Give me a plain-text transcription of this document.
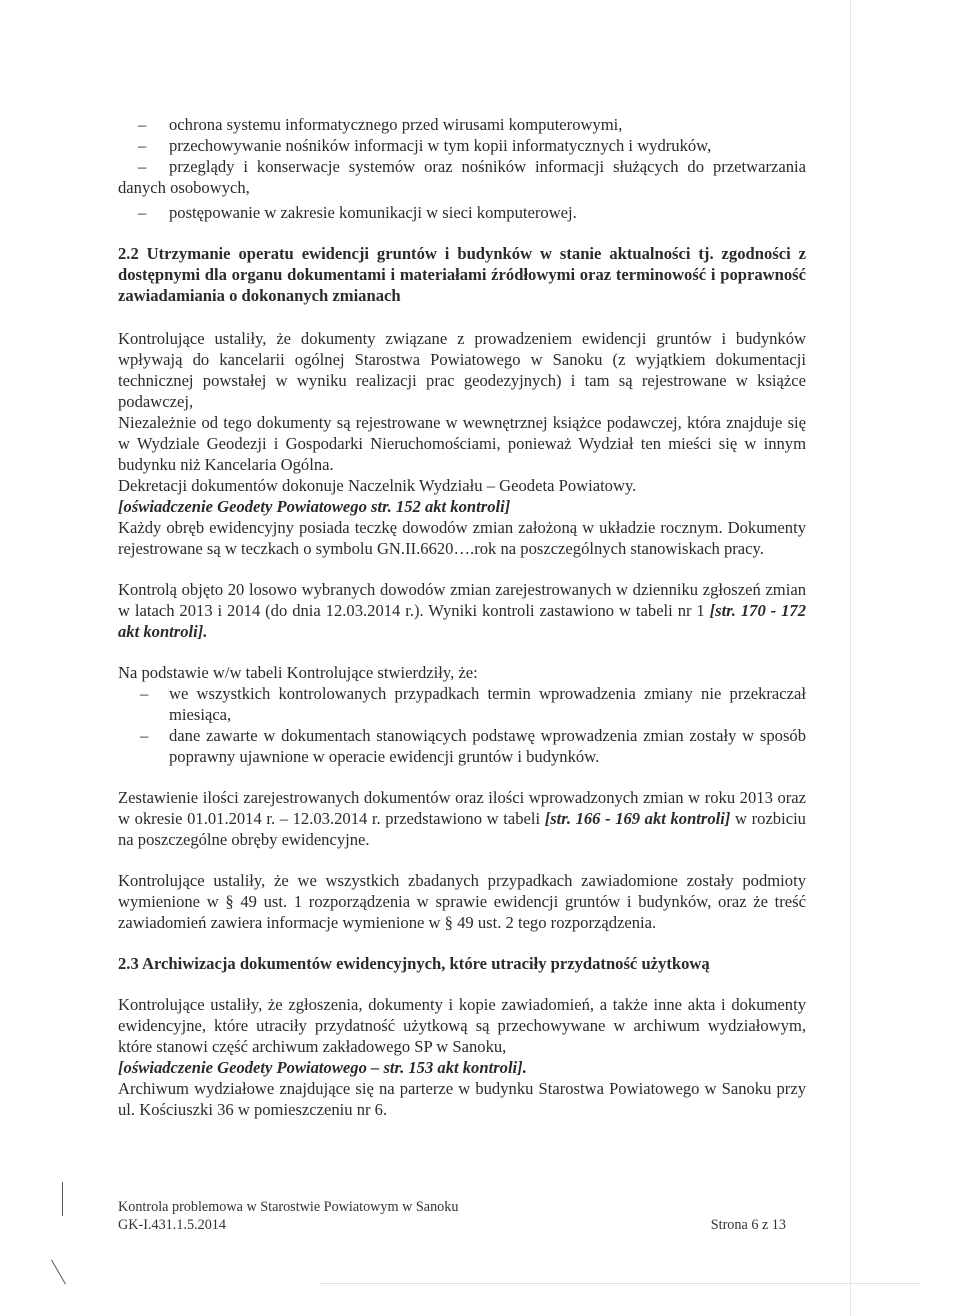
– ochrona systemu informatycznego przed wirusami komputerowymi,
– przechowywanie nośników informacji w tym kopii informatycznych i wydruków,
– przeglądy i konserwacje systemów oraz nośników informacji służących do przetwarzania danych osobowych,
– postępowanie w zakresie komunikacji w sieci komputerowej.

2.2 Utrzymanie operatu ewidencji gruntów i budynków w stanie aktualności tj. zgodności z dostępnymi dla organu dokumentami i materiałami źródłowymi oraz terminowość i poprawność zawiadamiania o dokonanych zmianach

Kontrolujące ustaliły, że dokumenty związane z prowadzeniem ewidencji gruntów i budynków wpływają do kancelarii ogólnej Starostwa Powiatowego w Sanoku (z wyjątkiem dokumentacji technicznej powstałej w wyniku realizacji prac geodezyjnych) i tam są rejestrowane w książce podawczej,

Niezależnie od tego dokumenty są rejestrowane w wewnętrznej książce podawczej, która znajduje się w Wydziale Geodezji i Gospodarki Nieruchomościami, ponieważ Wydział ten mieści się w innym budynku niż Kancelaria Ogólna.

Dekretacji dokumentów dokonuje Naczelnik Wydziału – Geodeta Powiatowy.

[oświadczenie Geodety Powiatowego str. 152 akt kontroli]

Każdy obręb ewidencyjny posiada teczkę dowodów zmian założoną w układzie rocznym. Dokumenty rejestrowane są w teczkach o symbolu GN.II.6620….rok na poszczególnych stanowiskach pracy.

Kontrolą objęto 20 losowo wybranych dowodów zmian zarejestrowanych w dzienniku zgłoszeń zmian w latach 2013 i 2014 (do dnia 12.03.2014 r.). Wyniki kontroli zastawiono w tabeli nr 1 [str. 170 - 172 akt kontroli].

Na podstawie w/w tabeli Kontrolujące stwierdziły, że:

– we wszystkich kontrolowanych przypadkach termin wprowadzenia zmiany nie przekraczał miesiąca,
– dane zawarte w dokumentach stanowiących podstawę wprowadzenia zmian zostały w sposób poprawny ujawnione w operacie ewidencji gruntów i budynków.

Zestawienie ilości zarejestrowanych dokumentów oraz ilości wprowadzonych zmian w roku 2013 oraz w okresie 01.01.2014 r. – 12.03.2014 r. przedstawiono w tabeli [str. 166 - 169 akt kontroli] w rozbiciu na poszczególne obręby ewidencyjne.

Kontrolujące ustaliły, że we wszystkich zbadanych przypadkach zawiadomione zostały podmioty wymienione w § 49 ust. 1 rozporządzenia w sprawie ewidencji gruntów i budynków, oraz że treść zawiadomień zawiera informacje wymienione w § 49 ust. 2 tego rozporządzenia.

2.3 Archiwizacja dokumentów ewidencyjnych, które utraciły przydatność użytkową

Kontrolujące ustaliły, że zgłoszenia, dokumenty i kopie zawiadomień, a także inne akta i dokumenty ewidencyjne, które utraciły przydatność użytkową są przechowywane w archiwum wydziałowym, które stanowi część archiwum zakładowego SP w Sanoku,

[oświadczenie Geodety Powiatowego – str. 153 akt kontroli].

Archiwum wydziałowe znajdujące się na parterze w budynku Starostwa Powiatowego w Sanoku przy ul. Kościuszki 36 w pomieszczeniu nr 6.

Kontrola problemowa w Starostwie Powiatowym w Sanoku
GK-I.431.1.5.2014	Strona 6 z 13
